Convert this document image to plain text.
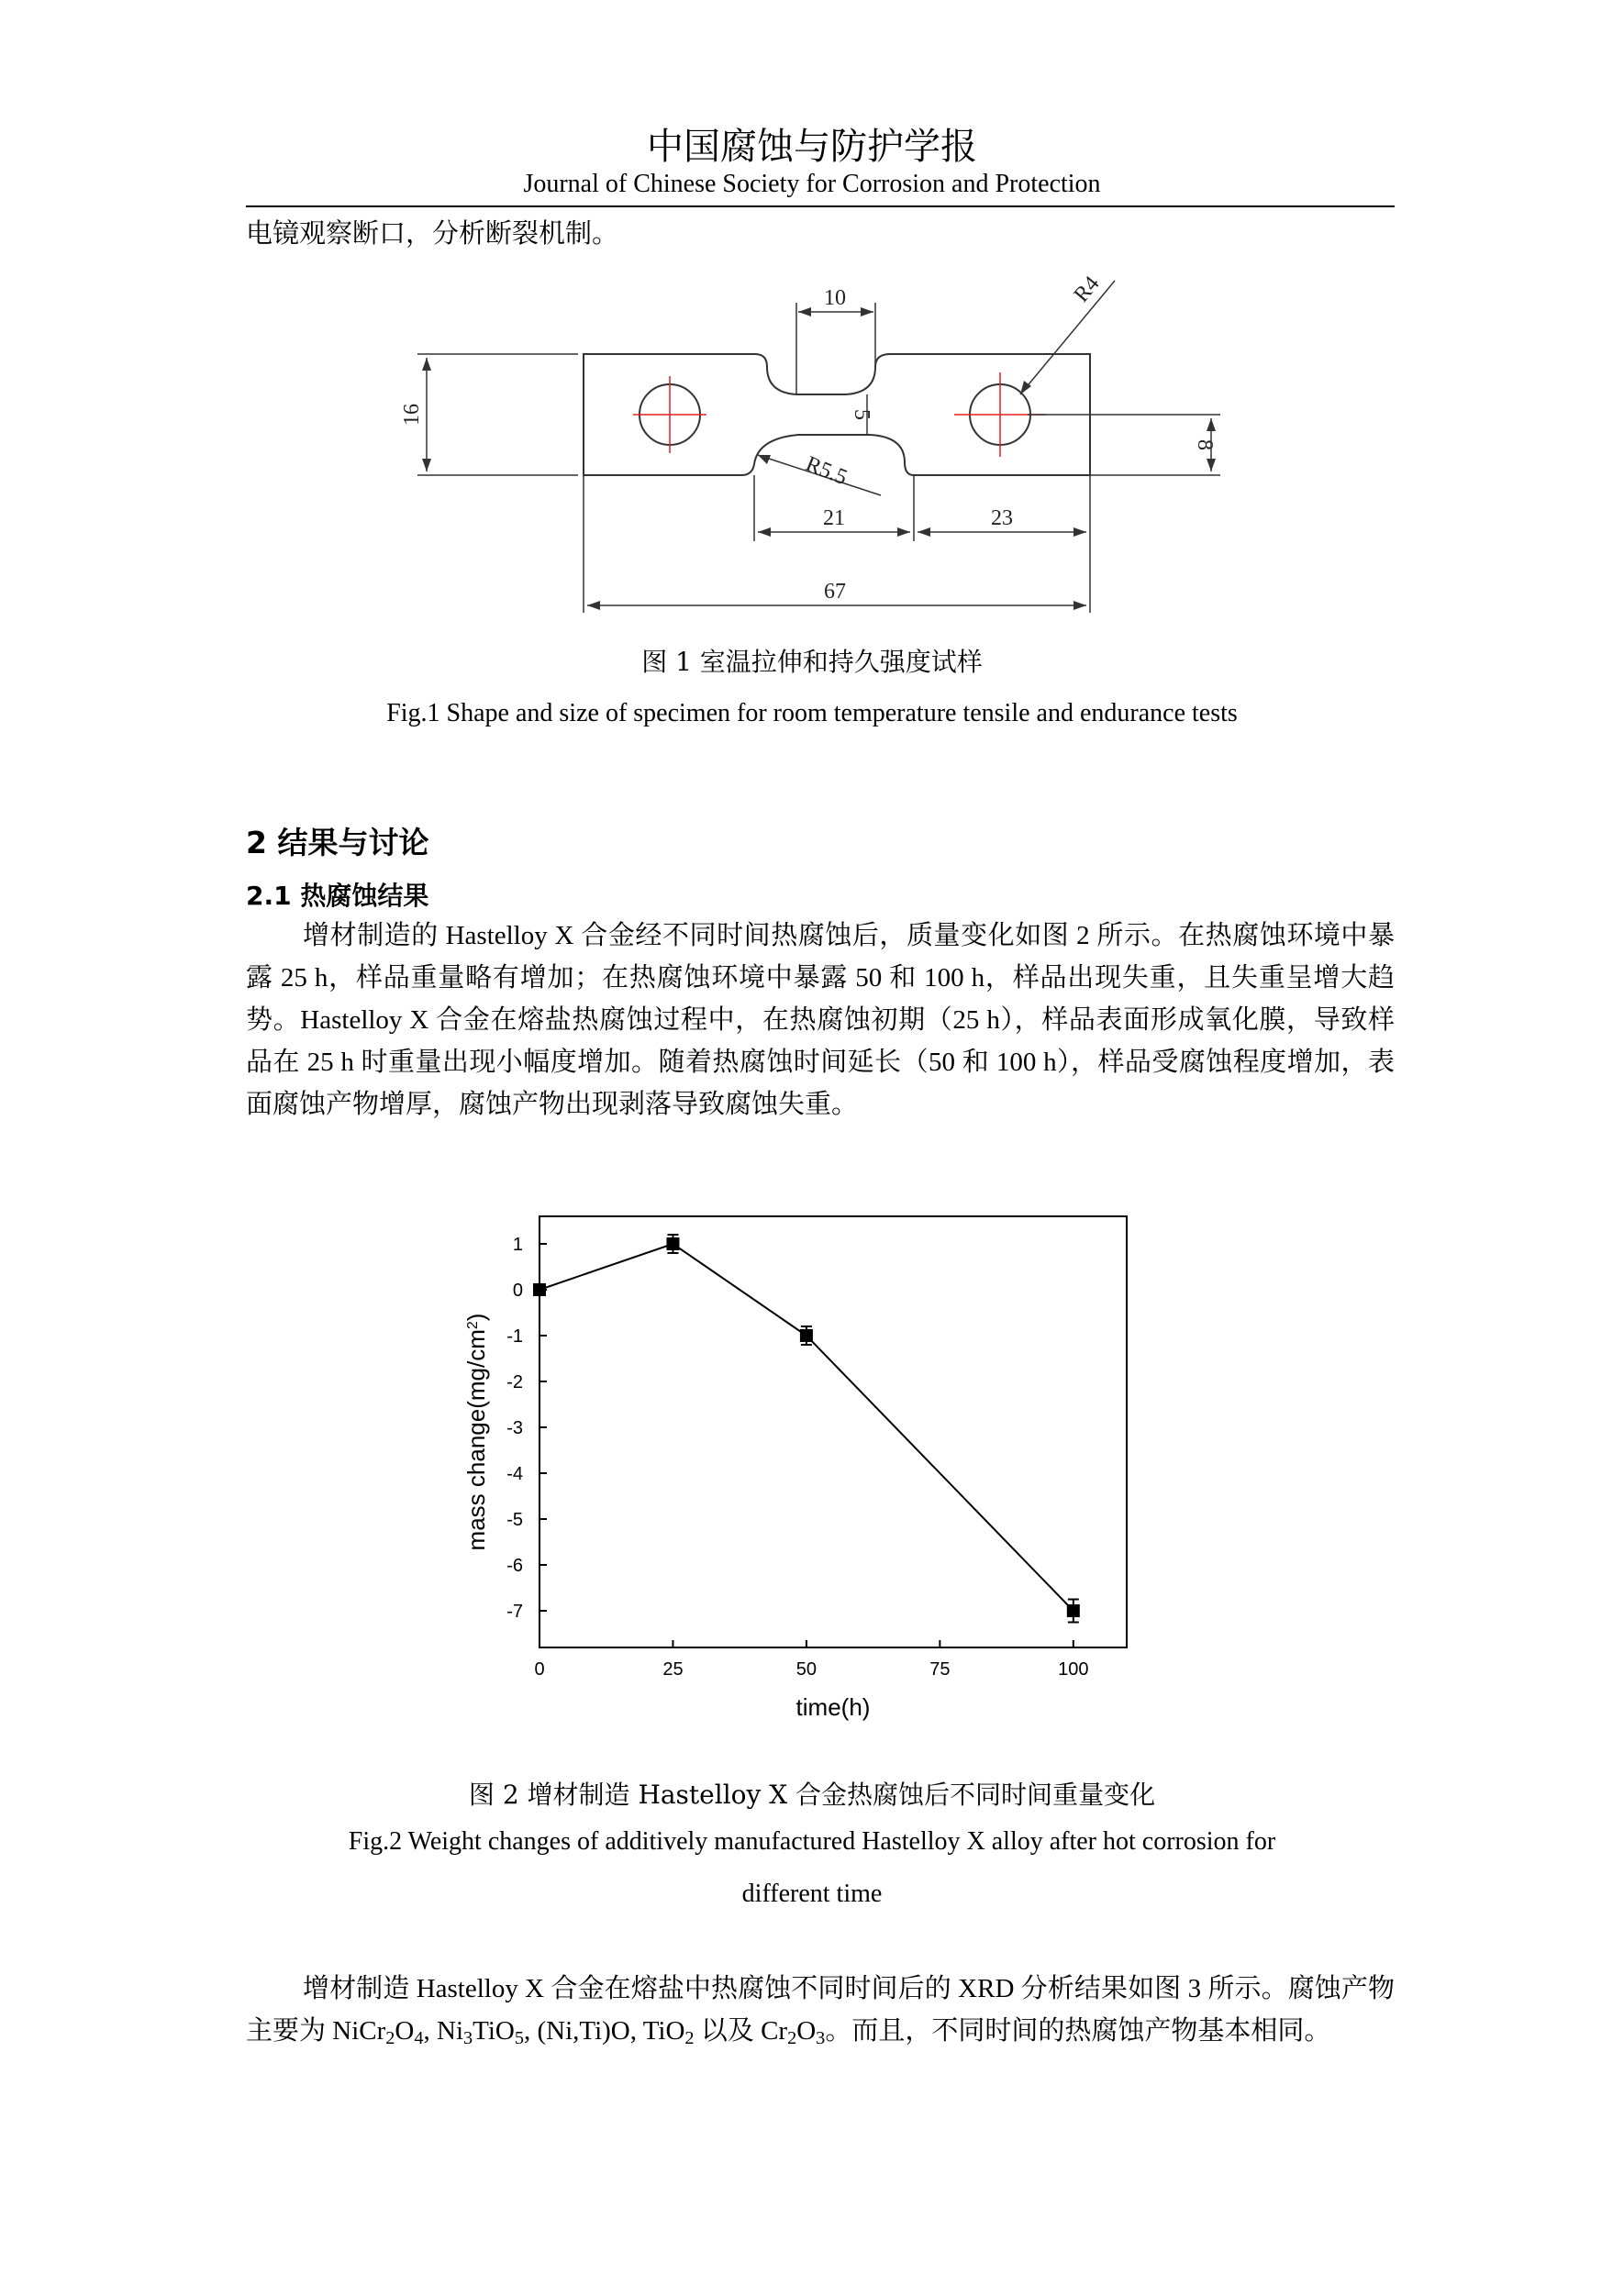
中国腐蚀与防护学报
Journal of Chinese Society for Corrosion and Protection
电镜观察断口，分析断裂机制。
16
10	R4
5
8
R5.5
21	23
67
图 1 室温拉伸和持久强度试样
Fig.1 Shape and size of specimen for room temperature tensile and endurance tests
2 结果与讨论
2.1 热腐蚀结果

增材制造的 Hastelloy X 合金经不同时间热腐蚀后，质量变化如图 2 所示。在热腐蚀环境中暴露 25 h，样品重量略有增加；在热腐蚀环境中暴露 50 和 100 h，样品出现失重，且失重呈增大趋势。Hastelloy X 合金在熔盐热腐蚀过程中，在热腐蚀初期（25 h），样品表面形成氧化膜，导致样品在 25 h 时重量出现小幅度增加。随着热腐蚀时间延长（50 和 100 h），样品受腐蚀程度增加，表面腐蚀产物增厚，腐蚀产物出现剥落导致腐蚀失重。

1
0
-1
-2
-3
-4
-5
-6
-7
0	25	50	75	100
time(h)
mass $change(mg/cm^2)$
图 2 增材制造 Hastelloy X 合金热腐蚀后不同时间重量变化
Fig.2 Weight changes of additively manufactured Hastelloy X alloy after hot corrosion for
different time

增材制造 Hastelloy X 合金在熔盐中热腐蚀不同时间后的 XRD 分析结果如图 3 所示。腐蚀产物主要为 $NiCr_2O_4$, $Ni_3TiO_5$, (Ni,Ti)O, TiO$_2$ 以及 $Cr_2O_3$。而且，不同时间的热腐蚀产物基本相同。
